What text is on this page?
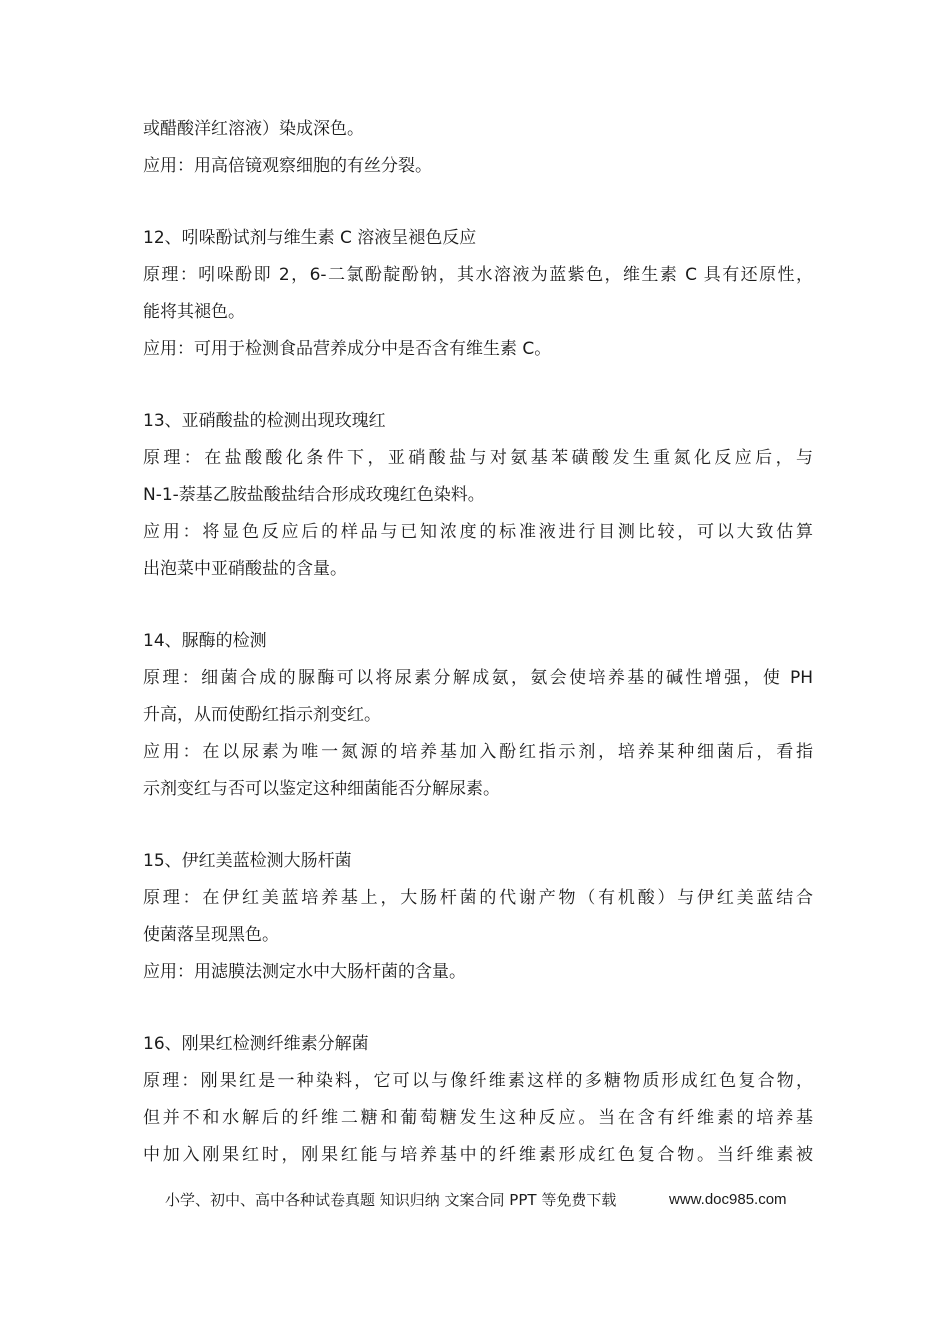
或醋酸洋红溶液）染成深色。
应用：用高倍镜观察细胞的有丝分裂。
12、吲哚酚试剂与维生素 C 溶液呈褪色反应
原理：吲哚酚即 2，6-二氯酚靛酚钠，其水溶液为蓝紫色，维生素 C 具有还原性，
能将其褪色。
应用：可用于检测食品营养成分中是否含有维生素 C。
13、亚硝酸盐的检测出现玫瑰红
原理：在盐酸酸化条件下，亚硝酸盐与对氨基苯磺酸发生重氮化反应后，与
N-1-萘基乙胺盐酸盐结合形成玫瑰红色染料。
应用：将显色反应后的样品与已知浓度的标准液进行目测比较，可以大致估算
出泡菜中亚硝酸盐的含量。
14、脲酶的检测
原理：细菌合成的脲酶可以将尿素分解成氨，氨会使培养基的碱性增强，使 PH
升高，从而使酚红指示剂变红。
应用：在以尿素为唯一氮源的培养基加入酚红指示剂，培养某种细菌后，看指
示剂变红与否可以鉴定这种细菌能否分解尿素。
15、伊红美蓝检测大肠杆菌
原理：在伊红美蓝培养基上，大肠杆菌的代谢产物（有机酸）与伊红美蓝结合
使菌落呈现黑色。
应用：用滤膜法测定水中大肠杆菌的含量。
16、刚果红检测纤维素分解菌
原理：刚果红是一种染料，它可以与像纤维素这样的多糖物质形成红色复合物，
但并不和水解后的纤维二糖和葡萄糖发生这种反应。当在含有纤维素的培养基
中加入刚果红时，刚果红能与培养基中的纤维素形成红色复合物。当纤维素被
小学、初中、高中各种试卷真题 知识归纳 文案合同 PPT 等免费下载	www.doc985.com
